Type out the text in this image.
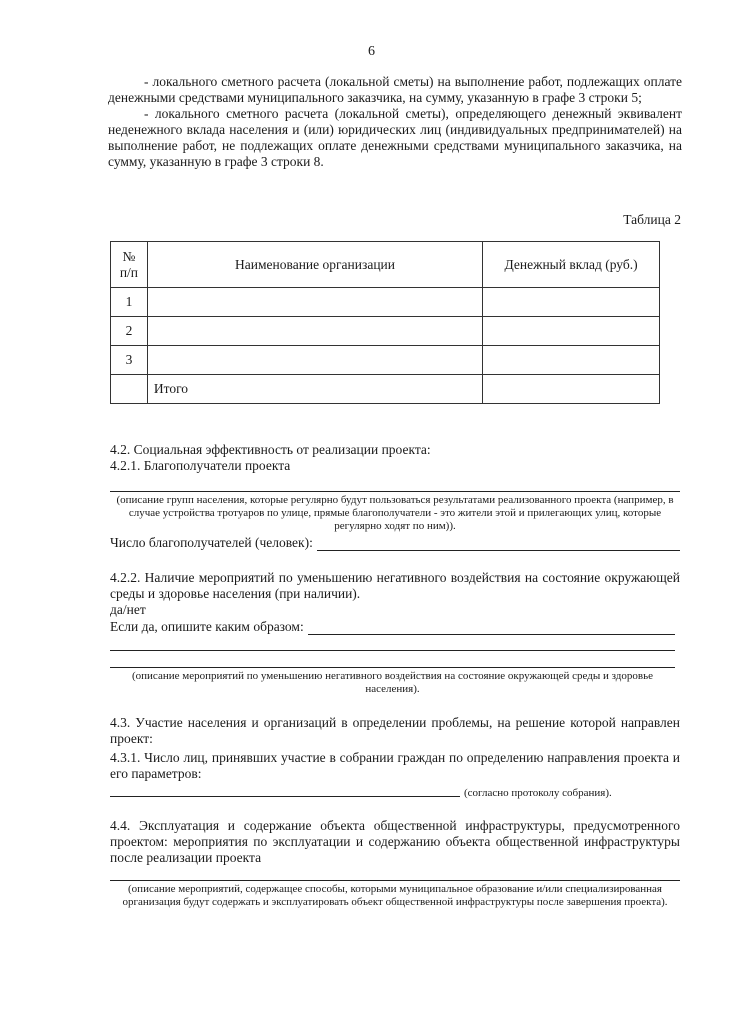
6

- локального сметного расчета (локальной сметы) на выполнение работ, подлежащих оплате денежными средствами муниципального заказчика, на сумму, указанную в графе 3 строки 5;

- локального сметного расчета (локальной сметы), определяющего денежный эквивалент неденежного вклада населения и (или) юридических лиц (индивидуальных предпринимателей) на выполнение работ, не подлежащих оплате денежными средствами муниципального заказчика, на сумму, указанную в графе 3 строки 8.

Таблица 2
№ п/п	Наименование организации	Денежный вклад (руб.)
1		
2		
3		
	Итого	
4.2. Социальная эффективность от реализации проекта:
4.2.1. Благополучатели проекта
(описание групп населения, которые регулярно будут пользоваться результатами реализованного проекта (например, в случае устройства тротуаров по улице, прямые благополучатели - это жители этой и прилегающих улиц, которые регулярно ходят по ним)).
Число благополучателей (человек):
4.2.2. Наличие мероприятий по уменьшению негативного воздействия на состояние окружающей среды и здоровье населения (при наличии).
да/нет
Если да, опишите каким образом:
(описание мероприятий по уменьшению негативного воздействия на состояние окружающей среды и здоровье населения).
4.3. Участие населения и организаций в определении проблемы, на решение которой направлен проект:
4.3.1. Число лиц, принявших участие в собрании граждан по определению направления проекта и его параметров:
(согласно протоколу собрания).
4.4. Эксплуатация и содержание объекта общественной инфраструктуры, предусмотренного проектом: мероприятия по эксплуатации и содержанию объекта общественной инфраструктуры после реализации проекта
(описание мероприятий, содержащее способы, которыми муниципальное образование и/или специализированная организация будут содержать и эксплуатировать объект общественной инфраструктуры после завершения проекта).
